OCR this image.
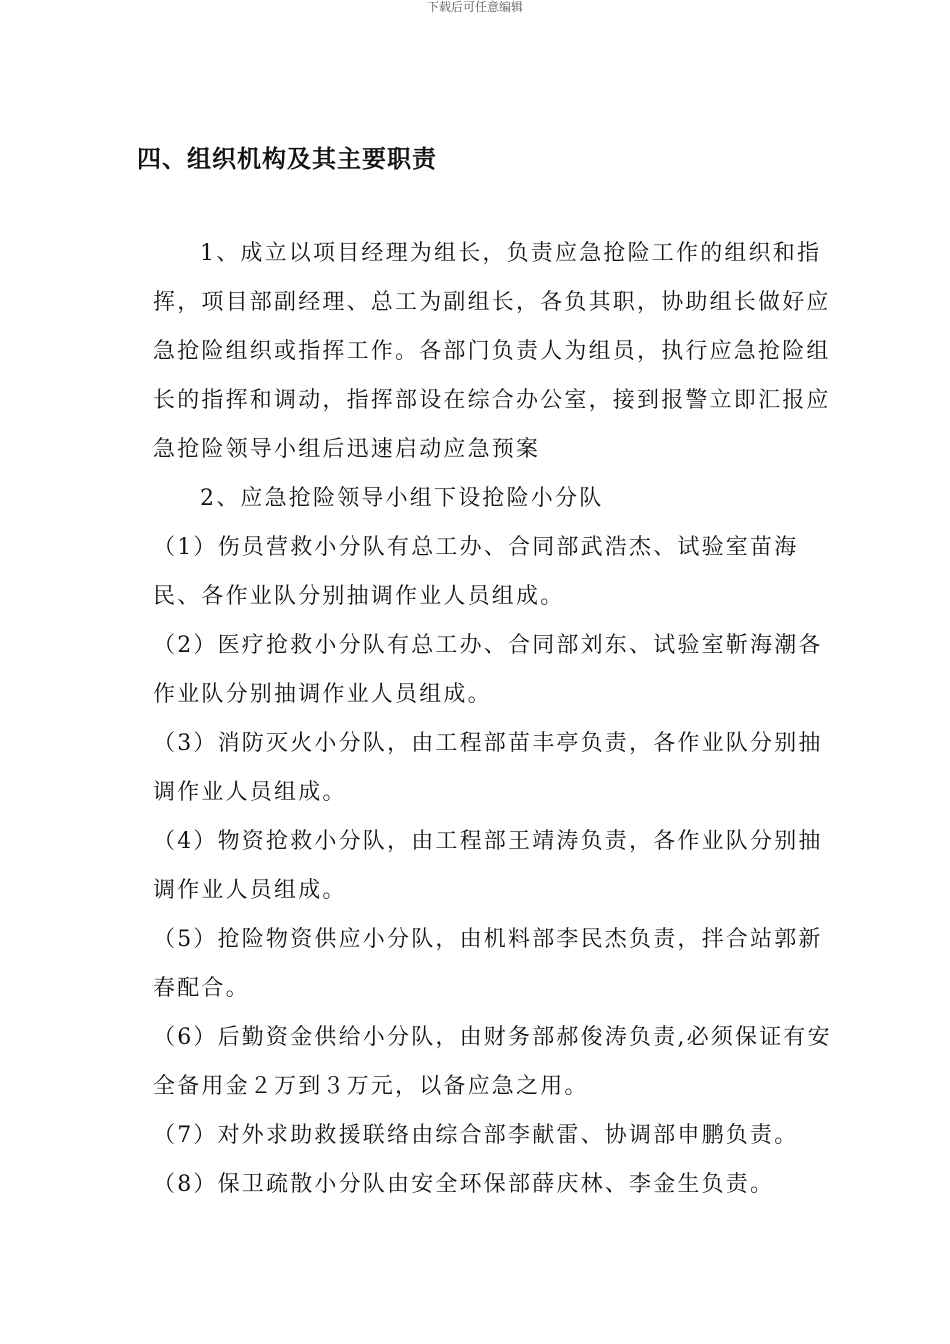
下载后可任意编辑
四、组织机构及其主要职责

1、成立以项目经理为组长，负责应急抢险工作的组织和指挥，项目部副经理、总工为副组长，各负其职，协助组长做好应急抢险组织或指挥工作。各部门负责人为组员，执行应急抢险组长的指挥和调动，指挥部设在综合办公室，接到报警立即汇报应急抢险领导小组后迅速启动应急预案

2、应急抢险领导小组下设抢险小分队

（1）伤员营救小分队有总工办、合同部武浩杰、试验室苗海民、各作业队分别抽调作业人员组成。

（2）医疗抢救小分队有总工办、合同部刘东、试验室靳海潮各作业队分别抽调作业人员组成。

（3）消防灭火小分队，由工程部苗丰亭负责，各作业队分别抽调作业人员组成。

（4）物资抢救小分队，由工程部王靖涛负责，各作业队分别抽调作业人员组成。

（5）抢险物资供应小分队，由机料部李民杰负责，拌合站郭新春配合。

（6）后勤资金供给小分队，由财务部郝俊涛负责,必须保证有安全备用金２万到３万元，以备应急之用。

（7）对外求助救援联络由综合部李献雷、协调部申鹏负责。

（8）保卫疏散小分队由安全环保部薛庆林、李金生负责。
